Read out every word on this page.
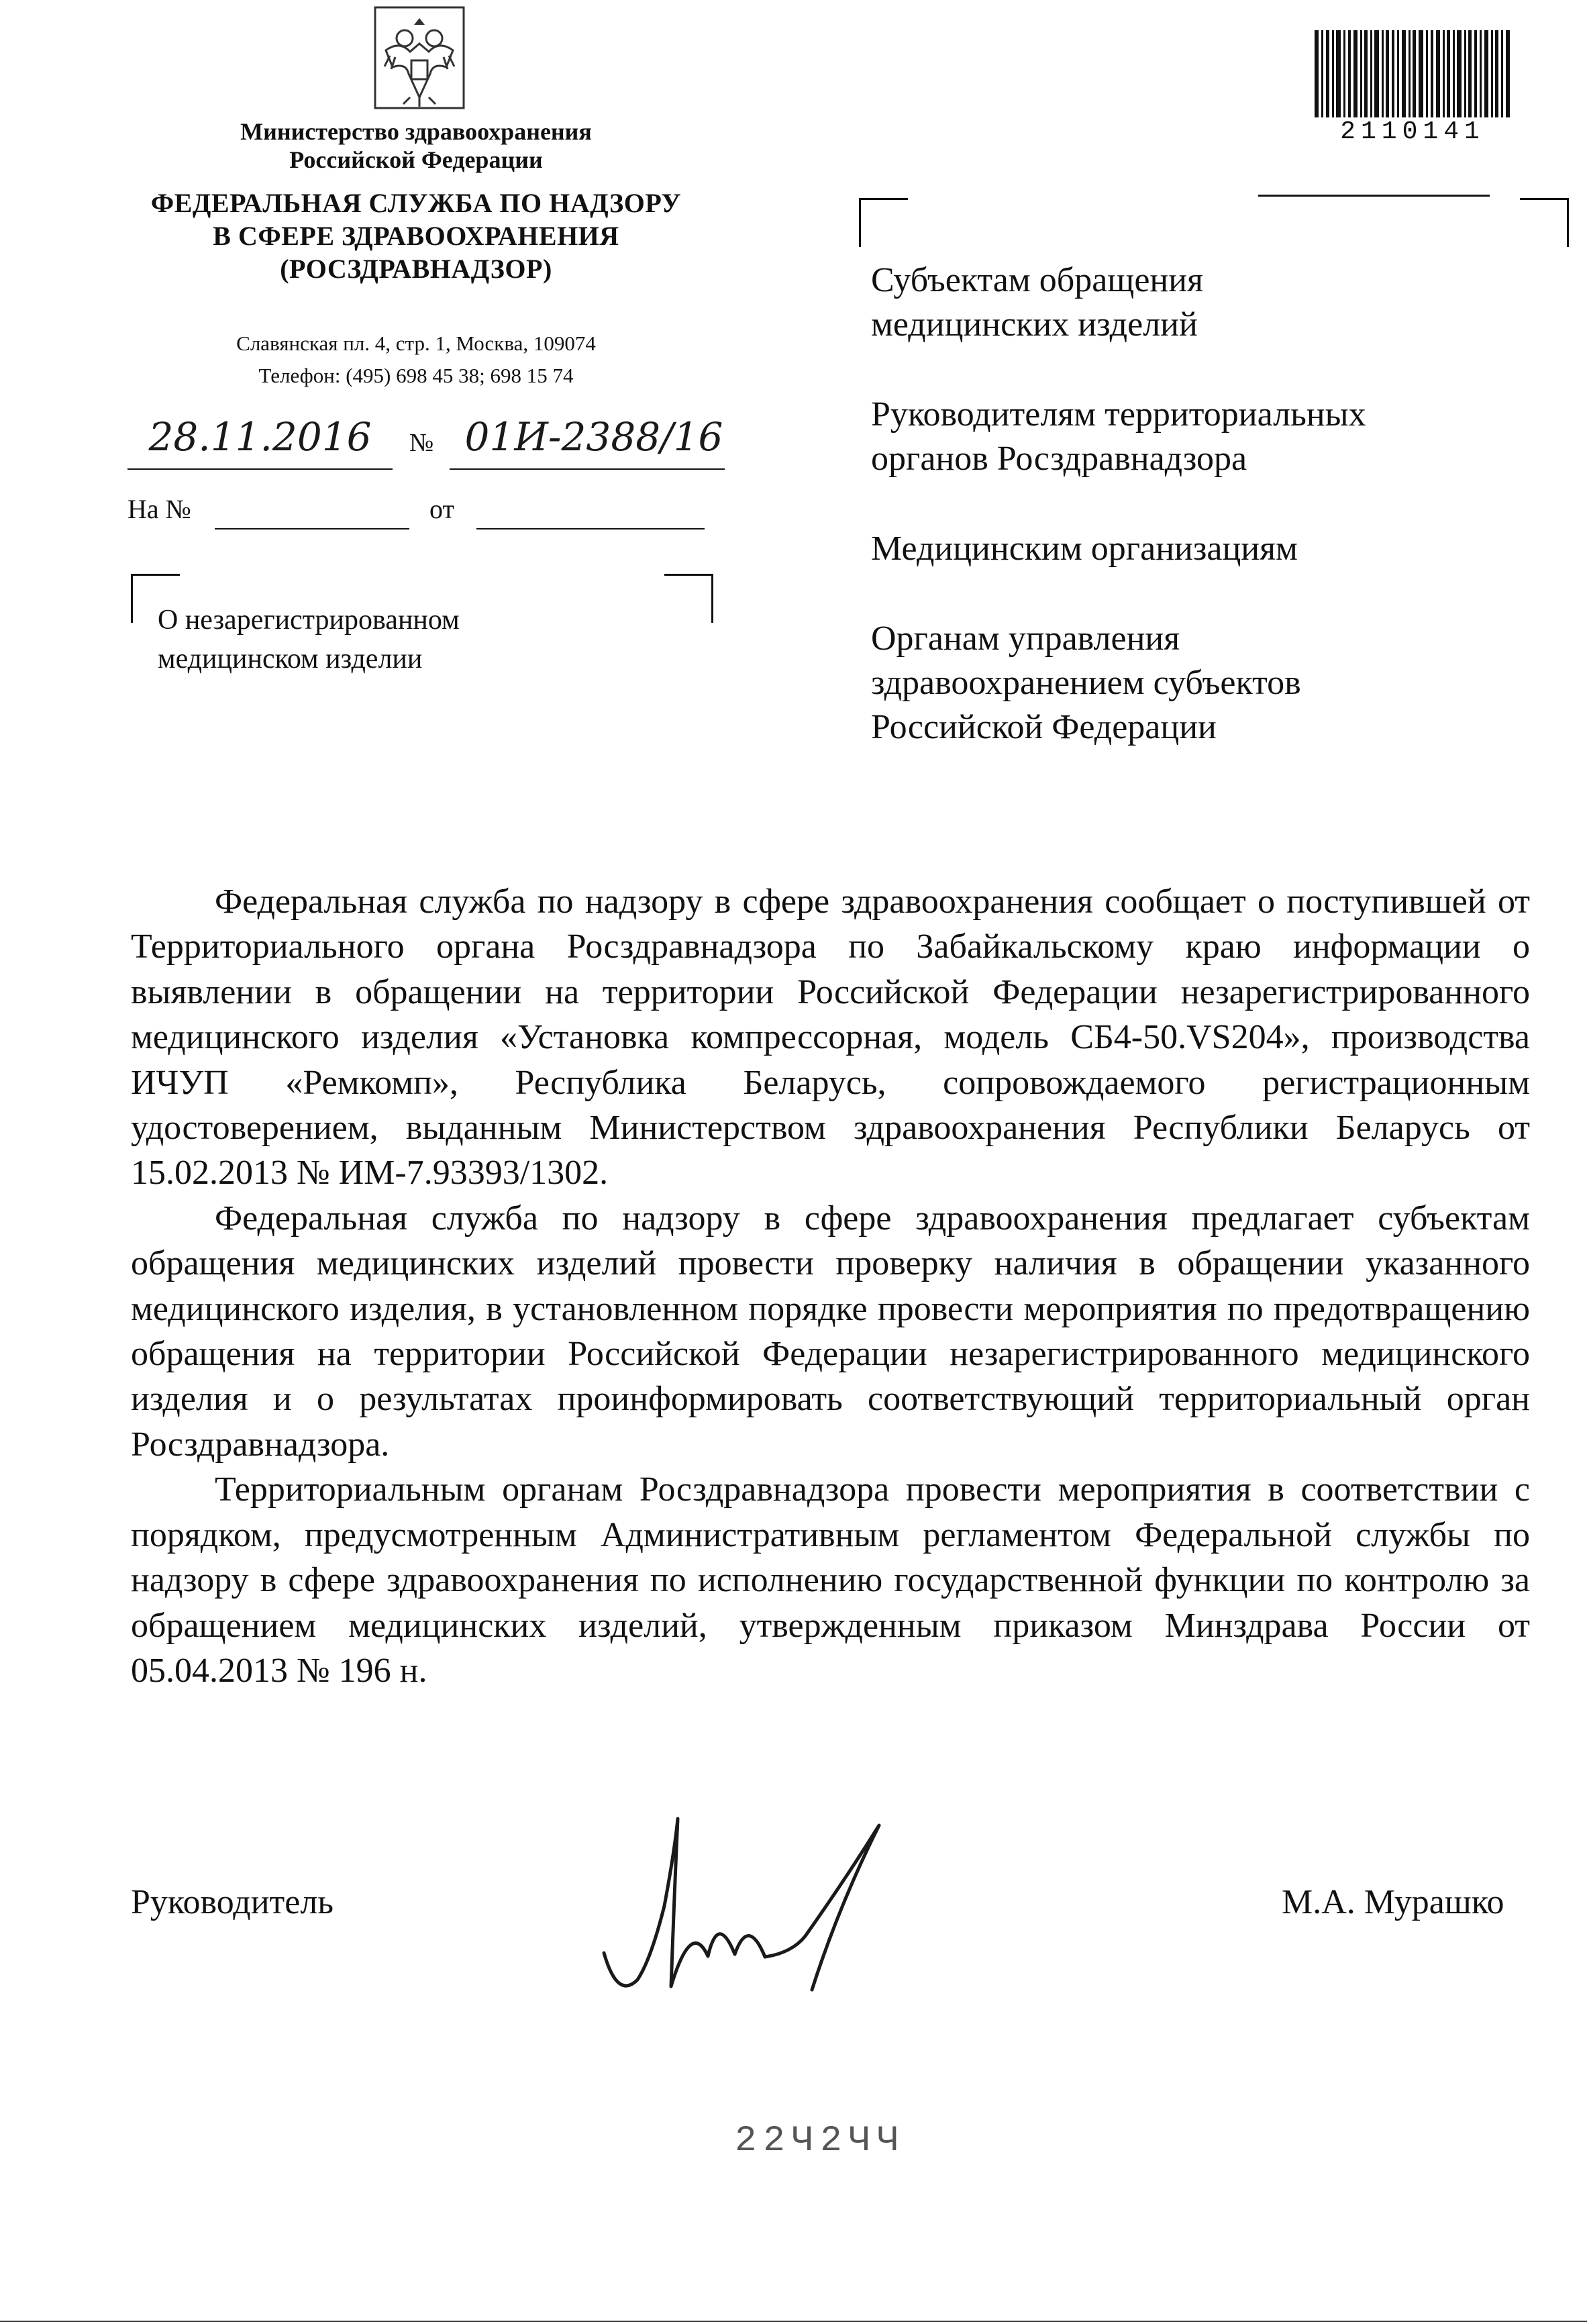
Министерство здравоохранения
Российской Федерации
ФЕДЕРАЛЬНАЯ СЛУЖБА ПО НАДЗОРУ
В СФЕРЕ ЗДРАВООХРАНЕНИЯ
(РОСЗДРАВНАДЗОР)
Славянская пл. 4, стр. 1, Москва, 109074
Телефон: (495) 698 45 38; 698 15 74
28.11.2016	№ 01И-2388/16
На №	от
О незарегистрированном
медицинском изделии
2110141

Субъектам обращения
медицинских изделий

Руководителям территориальных
органов Росздравнадзора

Медицинским организациям

Органам управления
здравоохранением субъектов
Российской Федерации

Федеральная служба по надзору в сфере здравоохранения сообщает о поступившей от Территориального органа Росздравнадзора по Забайкальскому краю информации о выявлении в обращении на территории Российской Федерации незарегистрированного медицинского изделия «Установка компрессорная, модель СБ4-50.VS204», производства ИЧУП «Ремкомп», Республика Беларусь, сопровождаемого регистрационным удостоверением, выданным Министерством здравоохранения Республики Беларусь от 15.02.2013 № ИМ-7.93393/1302.

Федеральная служба по надзору в сфере здравоохранения предлагает субъектам обращения медицинских изделий провести проверку наличия в обращении указанного медицинского изделия, в установленном порядке провести мероприятия по предотвращению обращения на территории Российской Федерации незарегистрированного медицинского изделия и о результатах проинформировать соответствующий территориальный орган Росздравнадзора.

Территориальным органам Росздравнадзора провести мероприятия в соответствии с порядком, предусмотренным Административным регламентом Федеральной службы по надзору в сфере здравоохранения по исполнению государственной функции по контролю за обращением медицинских изделий, утвержденным приказом Минздрава России от 05.04.2013 № 196 н.

Руководитель	М.А. Мурашко
22Ч2ЧЧ
